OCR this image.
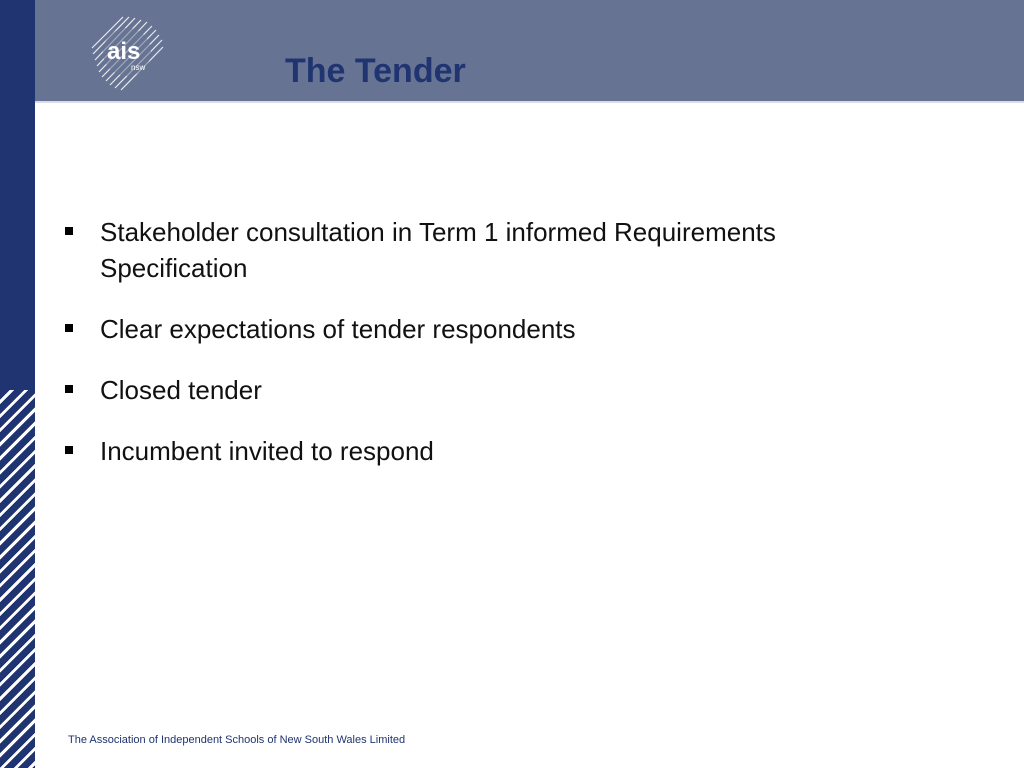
ais
nsw	The Tender
Stakeholder consultation in Term 1 informed Requirements Specification
Clear expectations of tender respondents
Closed tender
Incumbent invited to respond
The Association of Independent Schools of New South Wales Limited
